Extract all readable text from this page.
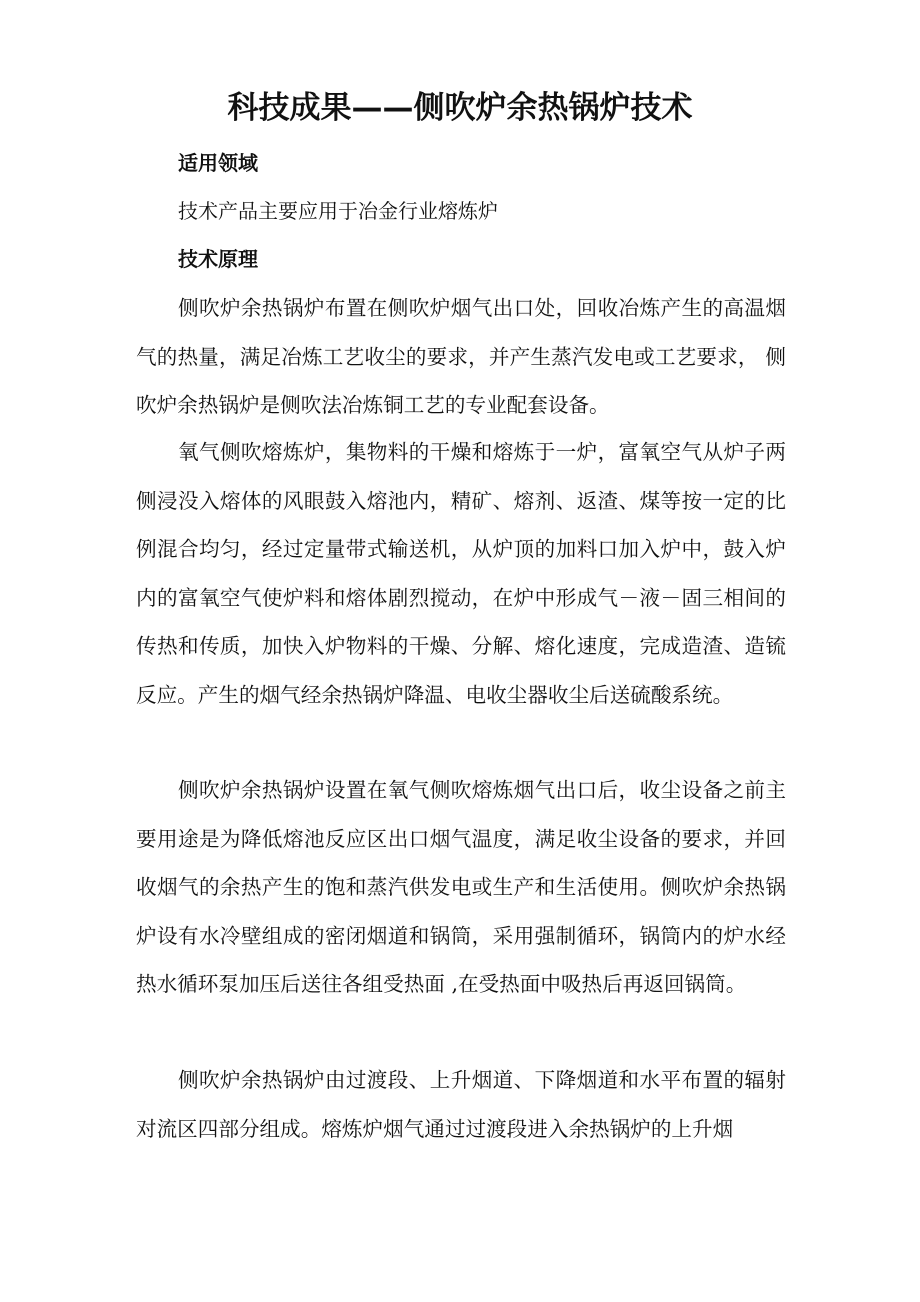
科技成果——侧吹炉余热锅炉技术
适用领域

技术产品主要应用于冶金行业熔炼炉

技术原理

侧吹炉余热锅炉布置在侧吹炉烟气出口处，回收冶炼产生的高温烟气的热量，满足冶炼工艺收尘的要求，并产生蒸汽发电或工艺要求， 侧吹炉余热锅炉是侧吹法冶炼铜工艺的专业配套设备。

氧气侧吹熔炼炉，集物料的干燥和熔炼于一炉，富氧空气从炉子两侧浸没入熔体的风眼鼓入熔池内，精矿、熔剂、返渣、煤等按一定的比例混合均匀，经过定量带式输送机，从炉顶的加料口加入炉中，鼓入炉内的富氧空气使炉料和熔体剧烈搅动，在炉中形成气－液－固三相间的传热和传质，加快入炉物料的干燥、分解、熔化速度，完成造渣、造锍反应。产生的烟气经余热锅炉降温、电收尘器收尘后送硫酸系统。

侧吹炉余热锅炉设置在氧气侧吹熔炼烟气出口后，收尘设备之前主要用途是为降低熔池反应区出口烟气温度，满足收尘设备的要求，并回收烟气的余热产生的饱和蒸汽供发电或生产和生活使用。侧吹炉余热锅炉设有水冷壁组成的密闭烟道和锅筒，采用强制循环，锅筒内的炉水经热水循环泵加压后送往各组受热面 ,在受热面中吸热后再返回锅筒。

侧吹炉余热锅炉由过渡段、上升烟道、下降烟道和水平布置的辐射对流区四部分组成。熔炼炉烟气通过过渡段进入余热锅炉的上升烟
